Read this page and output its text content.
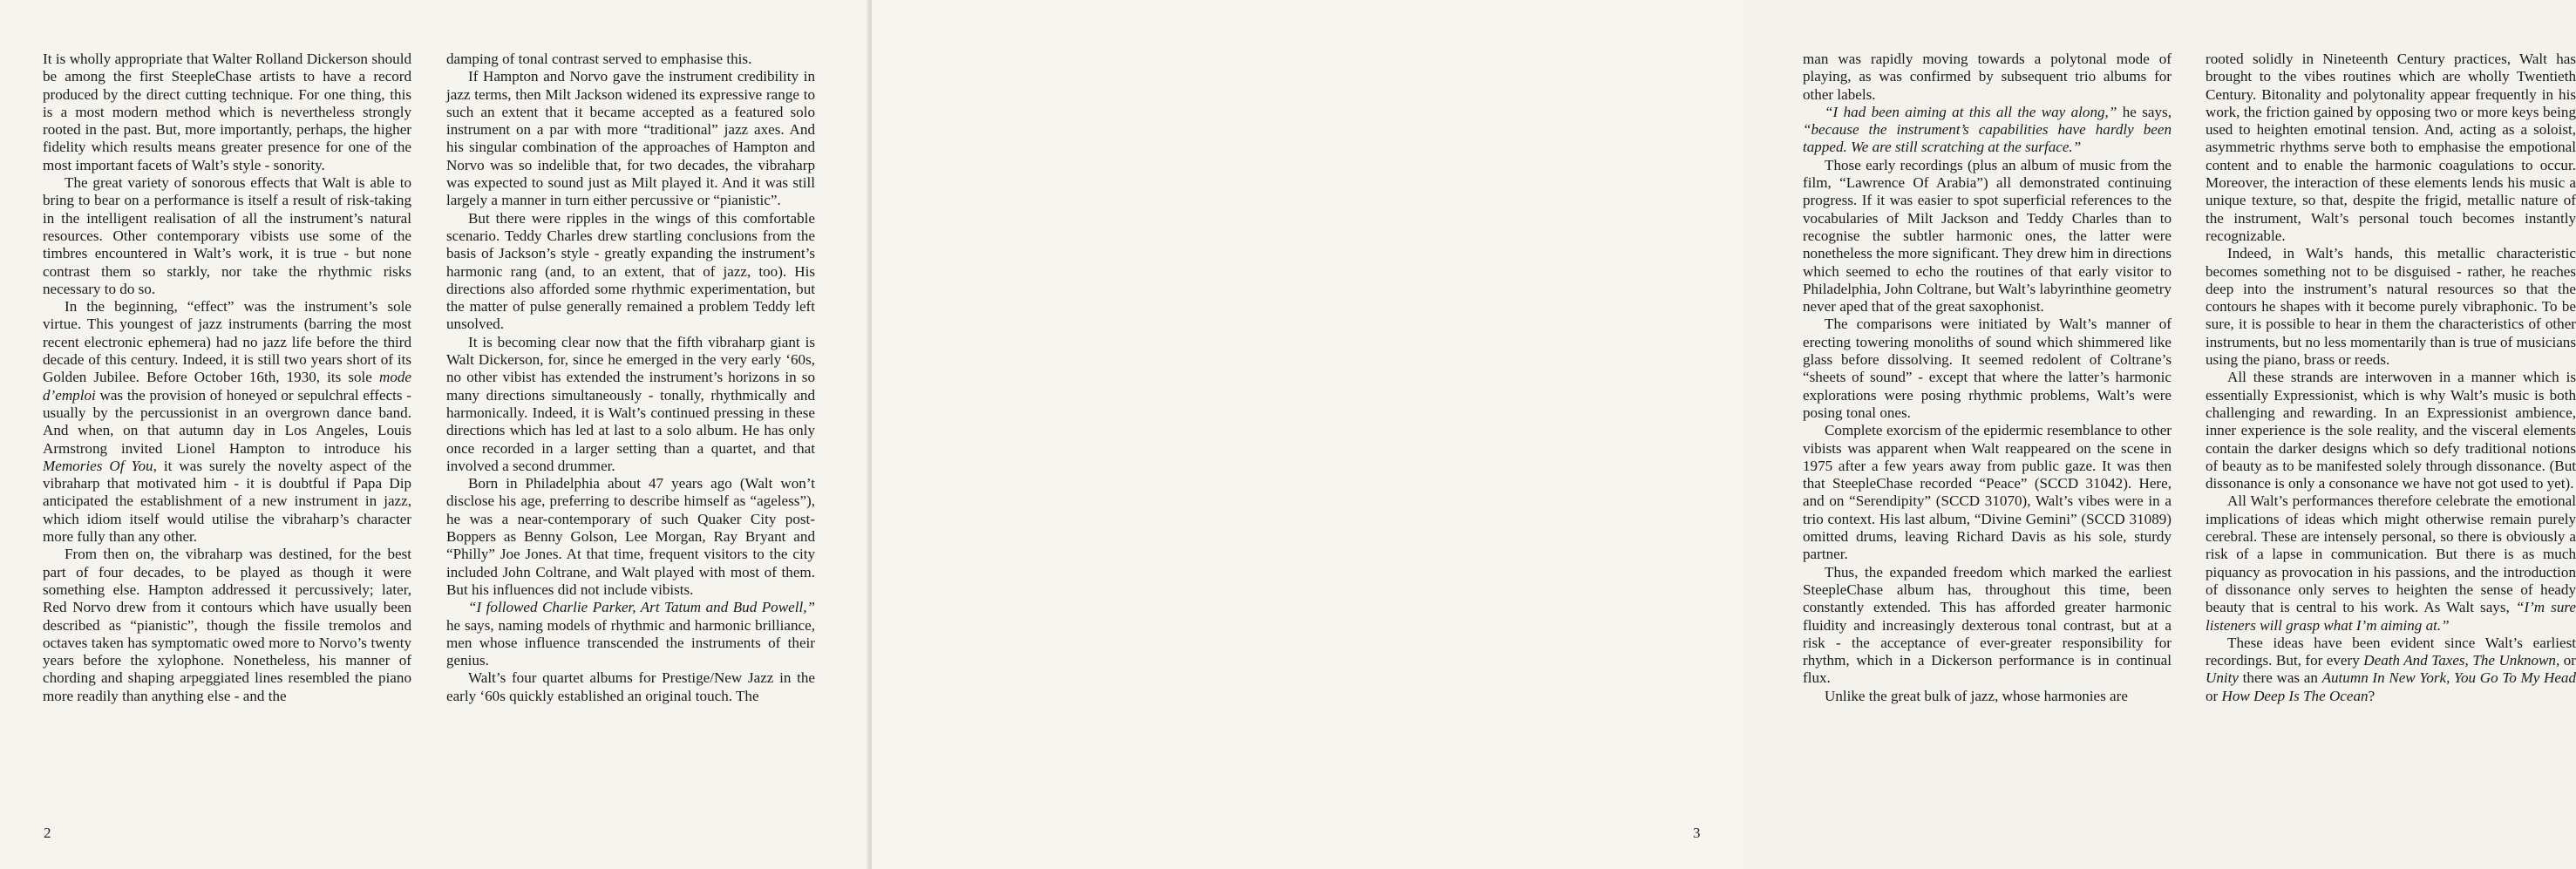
It is wholly appropriate that Walter Rolland Dickerson should be among the first SteepleChase artists to have a record produced by the direct cutting technique. For one thing, this is a most modern method which is nevertheless strongly rooted in the past. But, more importantly, perhaps, the higher fidelity which results means greater presence for one of the most important facets of Walt’s style - sonority.

The great variety of sonorous effects that Walt is able to bring to bear on a performance is itself a result of risk-taking in the intelligent realisation of all the instrument’s natural resources. Other contemporary vibists use some of the timbres encountered in Walt’s work, it is true - but none contrast them so starkly, nor take the rhythmic risks necessary to do so.

In the beginning, “effect” was the instrument’s sole virtue. This youngest of jazz instruments (barring the most recent electronic ephemera) had no jazz life before the third decade of this century. Indeed, it is still two years short of its Golden Jubilee. Before October 16th, 1930, its sole mode d’emploi was the provision of honeyed or sepulchral effects - usually by the percussionist in an overgrown dance band. And when, on that autumn day in Los Angeles, Louis Armstrong invited Lionel Hampton to introduce his Memories Of You, it was surely the novelty aspect of the vibraharp that motivated him - it is doubtful if Papa Dip anticipated the establishment of a new instrument in jazz, which idiom itself would utilise the vibraharp’s character more fully than any other.

From then on, the vibraharp was destined, for the best part of four decades, to be played as though it were something else. Hampton addressed it percussively; later, Red Norvo drew from it contours which have usually been described as “pianistic”, though the fissile tremolos and octaves taken has symptomatic owed more to Norvo’s twenty years before the xylophone. Nonetheless, his manner of chording and shaping arpeggiated lines resembled the piano more readily than anything else - and the

damping of tonal contrast served to emphasise this.

If Hampton and Norvo gave the instrument credibility in jazz terms, then Milt Jackson widened its expressive range to such an extent that it became accepted as a featured solo instrument on a par with more “traditional” jazz axes. And his singular combination of the approaches of Hampton and Norvo was so indelible that, for two decades, the vibraharp was expected to sound just as Milt played it. And it was still largely a manner in turn either percussive or “pianistic”.

But there were ripples in the wings of this comfortable scenario. Teddy Charles drew startling conclusions from the basis of Jackson’s style - greatly expanding the instrument’s harmonic rang (and, to an extent, that of jazz, too). His directions also afforded some rhythmic experimentation, but the matter of pulse generally remained a problem Teddy left unsolved.

It is becoming clear now that the fifth vibraharp giant is Walt Dickerson, for, since he emerged in the very early ‘60s, no other vibist has extended the instrument’s horizons in so many directions simultaneously - tonally, rhythmically and harmonically. Indeed, it is Walt’s continued pressing in these directions which has led at last to a solo album. He has only once recorded in a larger setting than a quartet, and that involved a second drummer.

Born in Philadelphia about 47 years ago (Walt won’t disclose his age, preferring to describe himself as “ageless”), he was a near-contemporary of such Quaker City post-Boppers as Benny Golson, Lee Morgan, Ray Bryant and “Philly” Joe Jones. At that time, frequent visitors to the city included John Coltrane, and Walt played with most of them. But his influences did not include vibists.

“I followed Charlie Parker, Art Tatum and Bud Powell,” he says, naming models of rhythmic and harmonic brilliance, men whose influence transcended the instruments of their genius.

Walt’s four quartet albums for Prestige/New Jazz in the early ‘60s quickly established an original touch. The

2

man was rapidly moving towards a polytonal mode of playing, as was confirmed by subsequent trio albums for other labels.

“I had been aiming at this all the way along,” he says, “because the instrument’s capabilities have hardly been tapped. We are still scratching at the surface.”

Those early recordings (plus an album of music from the film, “Lawrence Of Arabia”) all demonstrated continuing progress. If it was easier to spot superficial references to the vocabularies of Milt Jackson and Teddy Charles than to recognise the subtler harmonic ones, the latter were nonetheless the more significant. They drew him in directions which seemed to echo the routines of that early visitor to Philadelphia, John Coltrane, but Walt’s labyrinthine geometry never aped that of the great saxophonist.

The comparisons were initiated by Walt’s manner of erecting towering monoliths of sound which shimmered like glass before dissolving. It seemed redolent of Coltrane’s “sheets of sound” - except that where the latter’s harmonic explorations were posing rhythmic problems, Walt’s were posing tonal ones.

Complete exorcism of the epidermic resemblance to other vibists was apparent when Walt reappeared on the scene in 1975 after a few years away from public gaze. It was then that SteepleChase recorded “Peace” (SCCD 31042). Here, and on “Serendipity” (SCCD 31070), Walt’s vibes were in a trio context. His last album, “Divine Gemini” (SCCD 31089) omitted drums, leaving Richard Davis as his sole, sturdy partner.

Thus, the expanded freedom which marked the earliest SteepleChase album has, throughout this time, been constantly extended. This has afforded greater harmonic fluidity and increasingly dexterous tonal contrast, but at a risk - the acceptance of ever-greater responsibility for rhythm, which in a Dickerson performance is in continual flux.

Unlike the great bulk of jazz, whose harmonies are

rooted solidly in Nineteenth Century practices, Walt has brought to the vibes routines which are wholly Twentieth Century. Bitonality and polytonality appear frequently in his work, the friction gained by opposing two or more keys being used to heighten emotinal tension. And, acting as a soloist, asymmetric rhythms serve both to emphasise the empotional content and to enable the harmonic coagulations to occur. Moreover, the interaction of these elements lends his music a unique texture, so that, despite the frigid, metallic nature of the instrument, Walt’s personal touch becomes instantly recognizable.

Indeed, in Walt’s hands, this metallic characteristic becomes something not to be disguised - rather, he reaches deep into the instrument’s natural resources so that the contours he shapes with it become purely vibraphonic. To be sure, it is possible to hear in them the characteristics of other instruments, but no less momentarily than is true of musicians using the piano, brass or reeds.

All these strands are interwoven in a manner which is essentially Expressionist, which is why Walt’s music is both challenging and rewarding. In an Expressionist ambience, inner experience is the sole reality, and the visceral elements contain the darker designs which so defy traditional notions of beauty as to be manifested solely through dissonance. (But dissonance is only a consonance we have not got used to yet).

All Walt’s performances therefore celebrate the emotional implications of ideas which might otherwise remain purely cerebral. These are intensely personal, so there is obviously a risk of a lapse in communication. But there is as much piquancy as provocation in his passions, and the introduction of dissonance only serves to heighten the sense of heady beauty that is central to his work. As Walt says, “I’m sure listeners will grasp what I’m aiming at.”

These ideas have been evident since Walt’s earliest recordings. But, for every Death And Taxes, The Unknown, or Unity there was an Autumn In New York, You Go To My Head or How Deep Is The Ocean?

3
